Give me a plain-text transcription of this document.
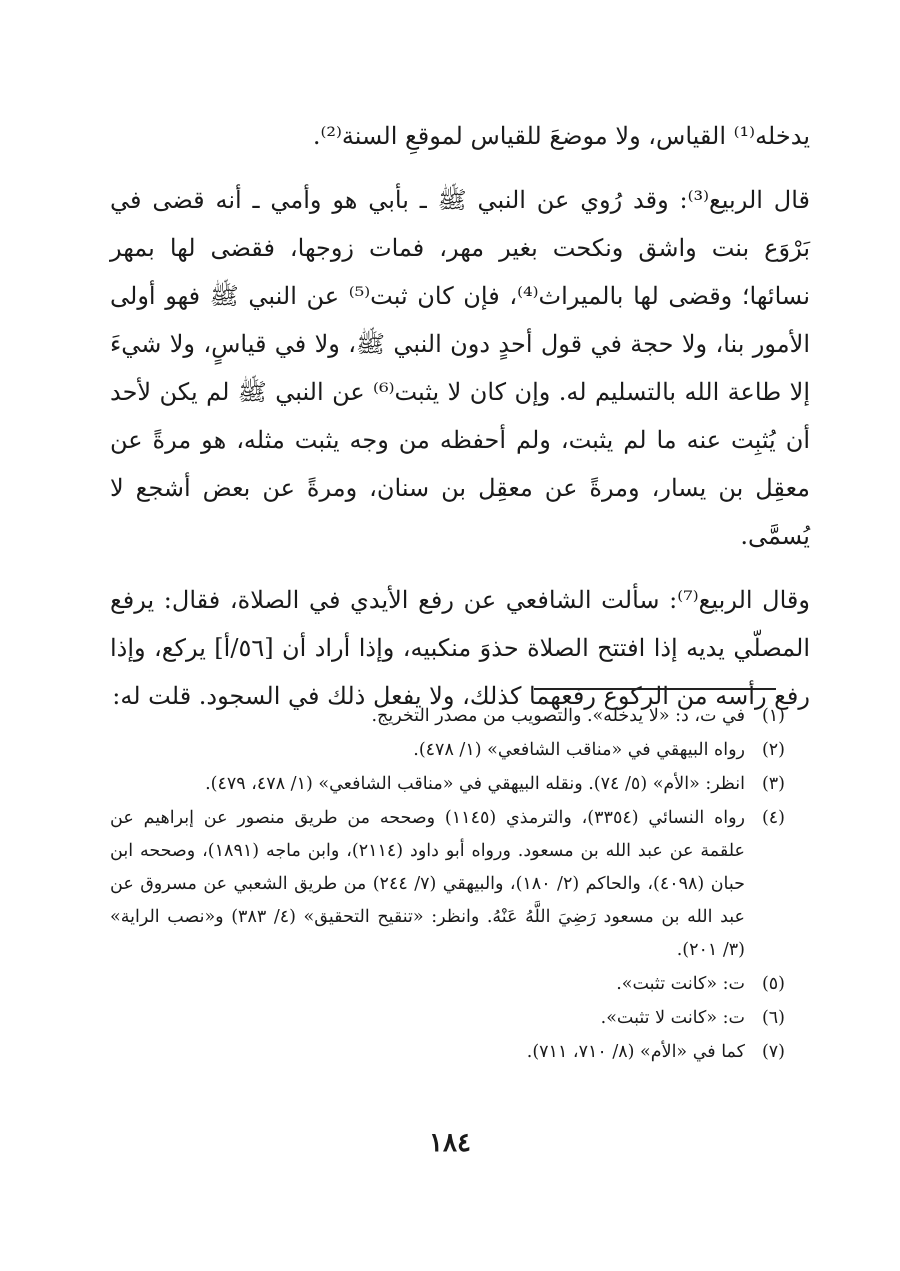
يدخله⁽¹⁾ القياس، ولا موضعَ للقياس لموقعِ السنة⁽²⁾.

قال الربيع⁽³⁾: وقد رُوي عن النبي ﷺ ـ بأبي هو وأمي ـ أنه قضى في بَرْوَع بنت واشق ونكحت بغير مهر، فمات زوجها، فقضى لها بمهر نسائها؛ وقضى لها بالميراث⁽⁴⁾، فإن كان ثبت⁽⁵⁾ عن النبي ﷺ فهو أولى الأمور بنا، ولا حجة في قول أحدٍ دون النبي ﷺ، ولا في قياسٍ، ولا شيءَ إلا طاعة الله بالتسليم له. وإن كان لا يثبت⁽⁶⁾ عن النبي ﷺ لم يكن لأحد أن يُثبِت عنه ما لم يثبت، ولم أحفظه من وجه يثبت مثله، هو مرةً عن معقِل بن يسار، ومرةً عن معقِل بن سنان، ومرةً عن بعض أشجع لا يُسمَّى.

وقال الربيع⁽⁷⁾: سألت الشافعي عن رفع الأيدي في الصلاة، فقال: يرفع المصلّي يديه إذا افتتح الصلاة حذوَ منكبيه، وإذا أراد أن [٥٦/أ] يركع، وإذا رفع رأسه من الركوع رفعهما كذلك، ولا يفعل ذلك في السجود. قلت له:

(١)
في ت، د: «لا يدخله». والتصويب من مصدر التخريج.
(٢)
رواه البيهقي في «مناقب الشافعي» (١/ ٤٧٨).
(٣)
انظر: «الأم» (٥/ ٧٤). ونقله البيهقي في «مناقب الشافعي» (١/ ٤٧٨، ٤٧٩).
(٤)
رواه النسائي (٣٣٥٤)، والترمذي (١١٤٥) وصححه من طريق منصور عن إبراهيم عن علقمة عن عبد الله بن مسعود. ورواه أبو داود (٢١١٤)، وابن ماجه (١٨٩١)، وصححه ابن حبان (٤٠٩٨)، والحاكم (٢/ ١٨٠)، والبيهقي (٧/ ٢٤٤) من طريق الشعبي عن مسروق عن عبد الله بن مسعود رَضِيَ اللَّهُ عَنْهُ. وانظر: «تنقيح التحقيق» (٤/ ٣٨٣) و«نصب الراية» (٣/ ٢٠١).
(٥)
ت: «كانت تثبت».
(٦)
ت: «كانت لا تثبت».
(٧)
كما في «الأم» (٨/ ٧١٠، ٧١١).
١٨٤
